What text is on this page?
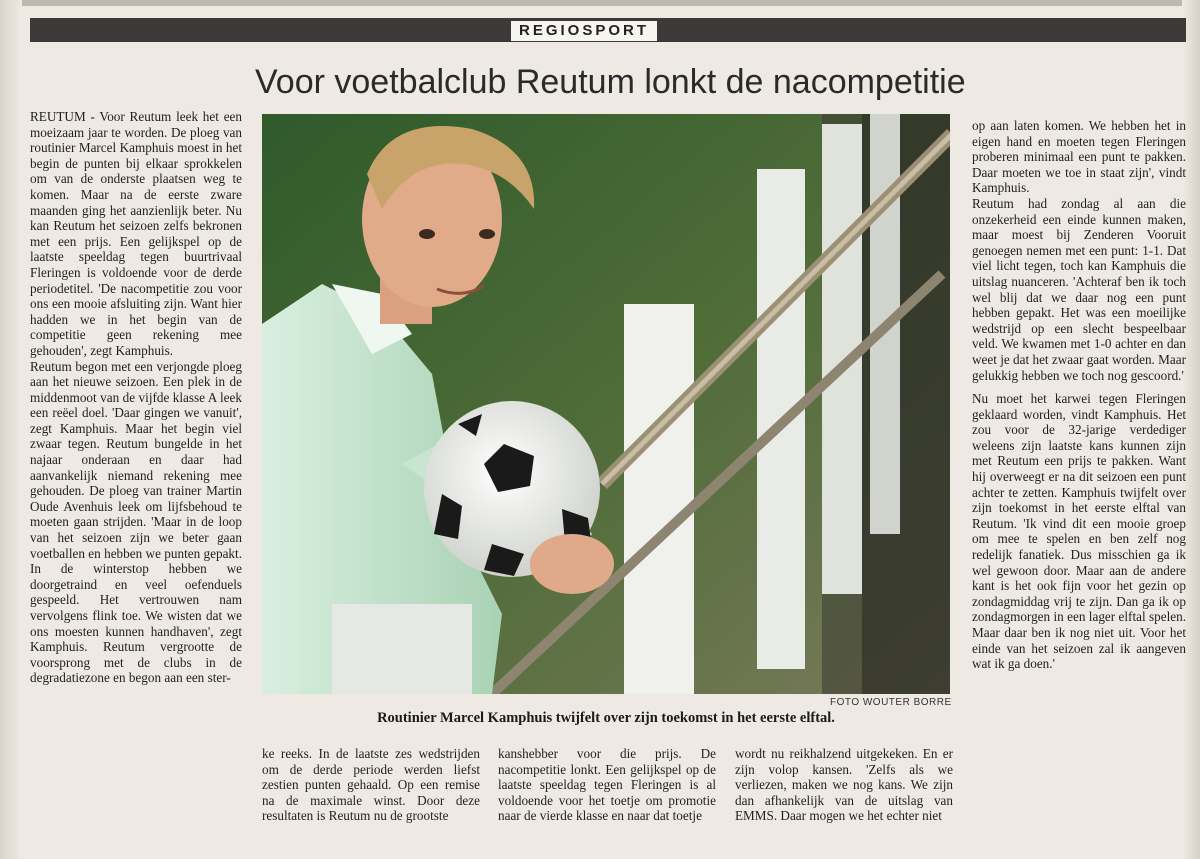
REGIOSPORT
Voor voetbalclub Reutum lonkt de nacompetitie

REUTUM - Voor Reutum leek het een moeizaam jaar te worden. De ploeg van routinier Marcel Kamphuis moest in het begin de punten bij elkaar sprokkelen om van de onderste plaatsen weg te komen. Maar na de eerste zware maanden ging het aanzienlijk beter. Nu kan Reutum het seizoen zelfs bekronen met een prijs. Een gelijkspel op de laatste speeldag tegen buurtrivaal Fleringen is voldoende voor de derde periodetitel. 'De nacompetitie zou voor ons een mooie afsluiting zijn. Want hier hadden we in het begin van de competitie geen rekening mee gehouden', zegt Kamphuis.

Reutum begon met een verjongde ploeg aan het nieuwe seizoen. Een plek in de middenmoot van de vijfde klasse A leek een reëel doel. 'Daar gingen we vanuit', zegt Kamphuis. Maar het begin viel zwaar tegen. Reutum bungelde in het najaar onderaan en daar had aanvankelijk niemand rekening mee gehouden. De ploeg van trainer Martin Oude Avenhuis leek om lijfsbehoud te moeten gaan strijden. 'Maar in de loop van het seizoen zijn we beter gaan voetballen en hebben we punten gepakt. In de winterstop hebben we doorgetraind en veel oefenduels gespeeld. Het vertrouwen nam vervolgens flink toe. We wisten dat we ons moesten kunnen handhaven', zegt Kamphuis. Reutum vergrootte de voorsprong met de clubs in de degradatiezone en begon aan een ster-

FOTO WOUTER BORRE
Routinier Marcel Kamphuis twijfelt over zijn toekomst in het eerste elftal.

ke reeks. In de laatste zes wedstrijden om de derde periode werden liefst zestien punten gehaald. Op een remise na de maximale winst. Door deze resultaten is Reutum nu de grootste

kanshebber voor die prijs. De nacompetitie lonkt. Een gelijkspel op de laatste speeldag tegen Fleringen is al voldoende voor het toetje om promotie naar de vierde klasse en naar dat toetje

wordt nu reikhalzend uitgekeken. En er zijn volop kansen. 'Zelfs als we verliezen, maken we nog kans. We zijn dan afhankelijk van de uitslag van EMMS. Daar mogen we het echter niet

op aan laten komen. We hebben het in eigen hand en moeten tegen Fleringen proberen minimaal een punt te pakken. Daar moeten we toe in staat zijn', vindt Kamphuis.

Reutum had zondag al aan die onzekerheid een einde kunnen maken, maar moest bij Zenderen Vooruit genoegen nemen met een punt: 1-1. Dat viel licht tegen, toch kan Kamphuis die uitslag nuanceren. 'Achteraf ben ik toch wel blij dat we daar nog een punt hebben gepakt. Het was een moeilijke wedstrijd op een slecht bespeelbaar veld. We kwamen met 1-0 achter en dan weet je dat het zwaar gaat worden. Maar gelukkig hebben we toch nog gescoord.'

Nu moet het karwei tegen Fleringen geklaard worden, vindt Kamphuis. Het zou voor de 32-jarige verdediger weleens zijn laatste kans kunnen zijn met Reutum een prijs te pakken. Want hij overweegt er na dit seizoen een punt achter te zetten. Kamphuis twijfelt over zijn toekomst in het eerste elftal van Reutum. 'Ik vind dit een mooie groep om mee te spelen en ben zelf nog redelijk fanatiek. Dus misschien ga ik wel gewoon door. Maar aan de andere kant is het ook fijn voor het gezin op zondagmiddag vrij te zijn. Dan ga ik op zondagmorgen in een lager elftal spelen. Maar daar ben ik nog niet uit. Voor het einde van het seizoen zal ik aangeven wat ik ga doen.'
